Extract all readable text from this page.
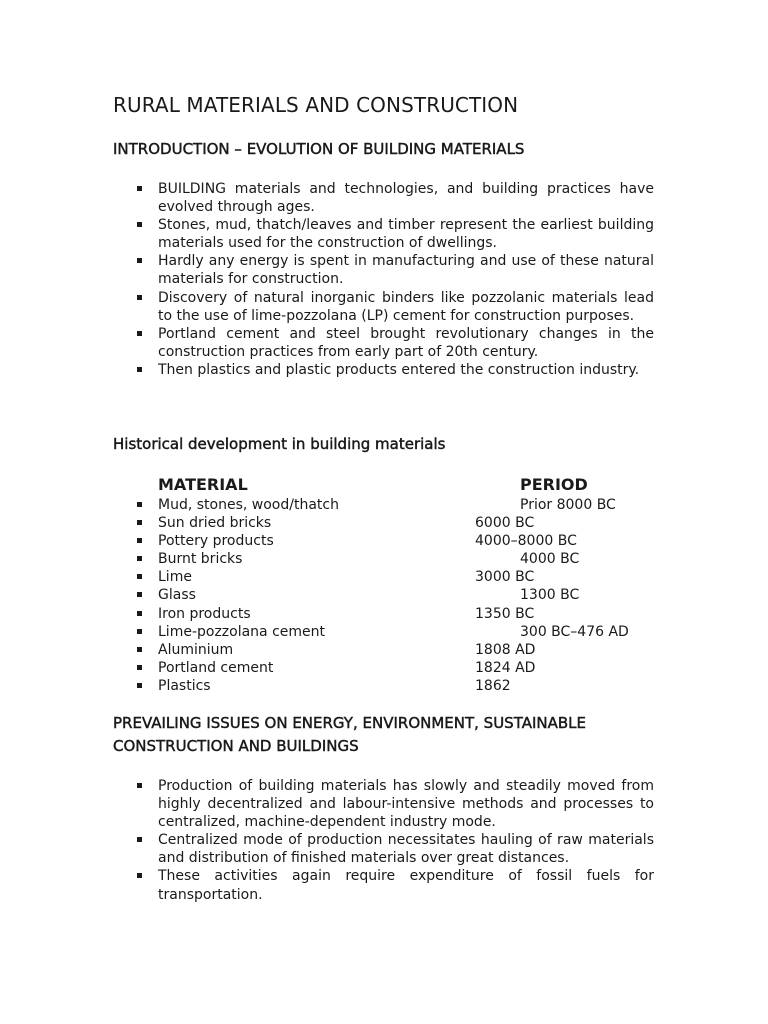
RURAL MATERIALS AND CONSTRUCTION
INTRODUCTION – EVOLUTION OF BUILDING MATERIALS
BUILDING materials and technologies, and building practices have evolved through ages.
Stones, mud, thatch/leaves and timber represent the earliest building materials used for the construction of dwellings.
Hardly any energy is spent in manufacturing and use of these natural materials for construction.
Discovery of natural inorganic binders like pozzolanic materials lead to the use of lime-pozzolana (LP) cement for construction purposes.
Portland cement and steel brought revolutionary changes in the construction practices from early part of 20th century.
Then plastics and plastic products entered the construction industry.
Historical development in building materials
MATERIAL	PERIOD
Mud, stones, wood/thatch	Prior 8000 BC
Sun dried bricks	6000 BC
Pottery products	4000–8000 BC
Burnt bricks	4000 BC
Lime	3000 BC
Glass	1300 BC
Iron products	1350 BC
Lime-pozzolana cement	300 BC–476 AD
Aluminium	1808 AD
Portland cement	1824 AD
Plastics	1862
PREVAILING ISSUES ON ENERGY, ENVIRONMENT, SUSTAINABLE
CONSTRUCTION AND BUILDINGS
Production of building materials has slowly and steadily moved from highly decentralized and labour-intensive methods and processes to centralized, machine-dependent industry mode.
Centralized mode of production necessitates hauling of raw materials and distribution of finished materials over great distances.
These activities again require expenditure of fossil fuels for transportation.
